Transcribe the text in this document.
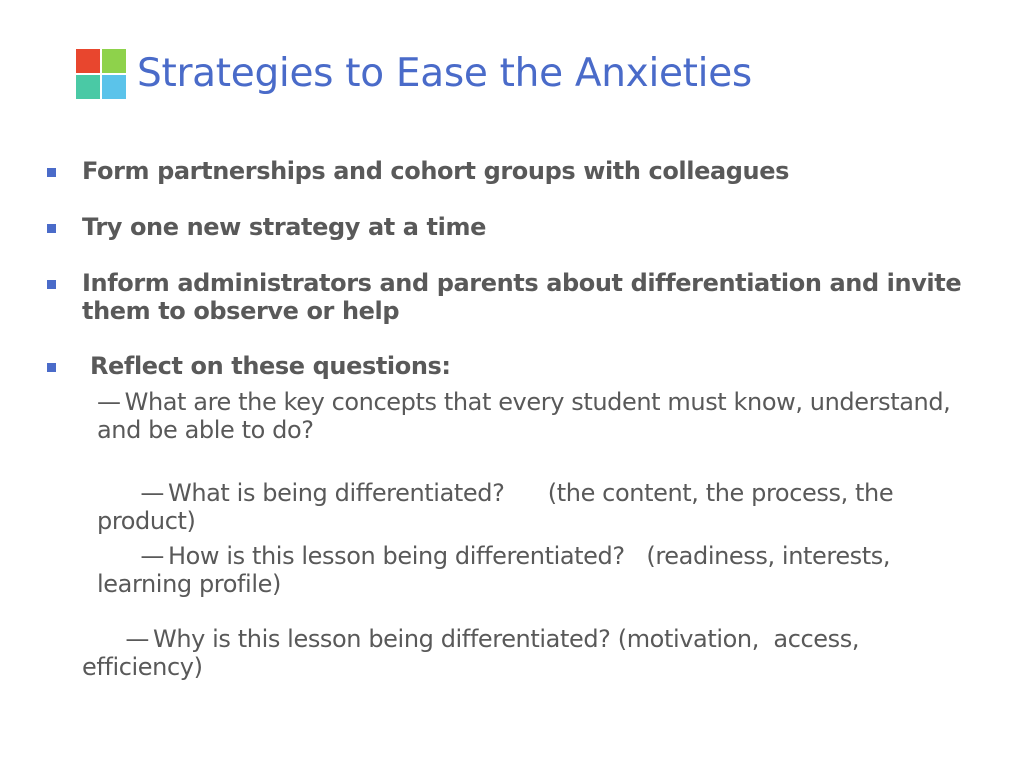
Strategies to Ease the Anxieties
Form partnerships and cohort groups with colleagues
Try one new strategy at a time
Inform administrators and parents about differentiation and invite them to observe or help
Reflect on these questions:
— What are the key concepts that every student must know, understand, and be able to do?

— What is being differentiated?      (the content, the process, the product)

— How is this lesson being differentiated?   (readiness, interests, learning profile)

— Why is this lesson being differentiated? (motivation,  access, efficiency)
